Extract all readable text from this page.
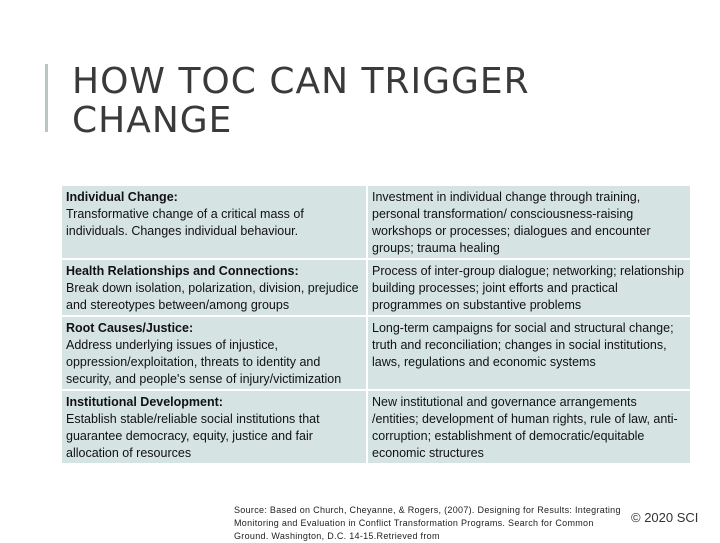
HOW TOC CAN TRIGGER
CHANGE
Individual Change:
Transformative change of a critical mass of individuals. Changes individual behaviour.	Investment in individual change through training, personal transformation/ consciousness-raising workshops or processes; dialogues and encounter groups; trauma healing

Health Relationships and Connections:
Break down isolation, polarization, division, prejudice and stereotypes between/among groups	Process of inter-group dialogue; networking; relationship building processes; joint efforts and practical programmes on substantive problems

Root Causes/Justice:
Address underlying issues of injustice, oppression/exploitation, threats to identity and security, and people's sense of injury/victimization	Long-term campaigns for social and structural change; truth and reconciliation; changes in social institutions, laws, regulations and economic systems

Institutional Development:
Establish stable/reliable social institutions that guarantee democracy, equity, justice and fair allocation of resources	New institutional and governance arrangements /entities; development of human rights, rule of law, anti-corruption; establishment of democratic/equitable economic structures
Source: Based on Church, Cheyanne, & Rogers, (2007). Designing for Results: Integrating
Monitoring and Evaluation in Conflict Transformation Programs. Search for Common
Ground. Washington, D.C. 14-15.Retrieved from
© 2020 SCI
